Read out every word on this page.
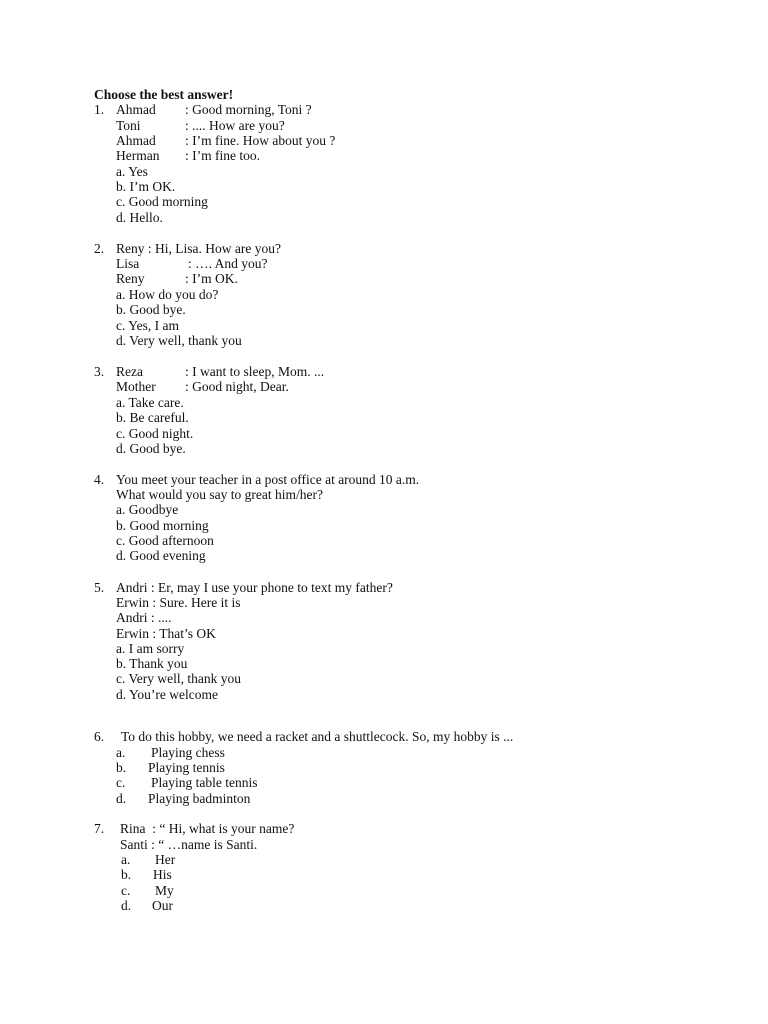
Choose the best answer!
1. Ahmad : Good morning, Toni ?
Toni	: .... How are you?
Ahmad : I’m fine. How about you ?
Herman : I’m fine too.
a. Yes
b. I’m OK.
c. Good morning
d. Hello.
2. Reny : Hi, Lisa. How are you?
Lisa	: …. And you?
Reny	: I’m OK.
a. How do you do?
b. Good bye.
c. Yes, I am
d. Very well, thank you
3. Reza	: I want to sleep, Mom. ...
Mother : Good night, Dear.
a. Take care.
b. Be careful.
c. Good night.
d. Good bye.
4. You meet your teacher in a post office at around 10 a.m.
What would you say to great him/her?
a. Goodbye
b. Good morning
c. Good afternoon
d. Good evening
5. Andri : Er, may I use your phone to text my father?
Erwin : Sure. Here it is
Andri : ....
Erwin : That’s OK
a. I am sorry
b. Thank you
c. Very well, thank you
d. You’re welcome
6. To do this hobby, we need a racket and a shuttlecock. So, my hobby is ...
a. Playing chess
b. Playing tennis
c. Playing table tennis
d. Playing badminton
7. Rina  : “ Hi, what is your name?
Santi : “ …name is Santi.
a. Her
b. His
c. My
d. Our
